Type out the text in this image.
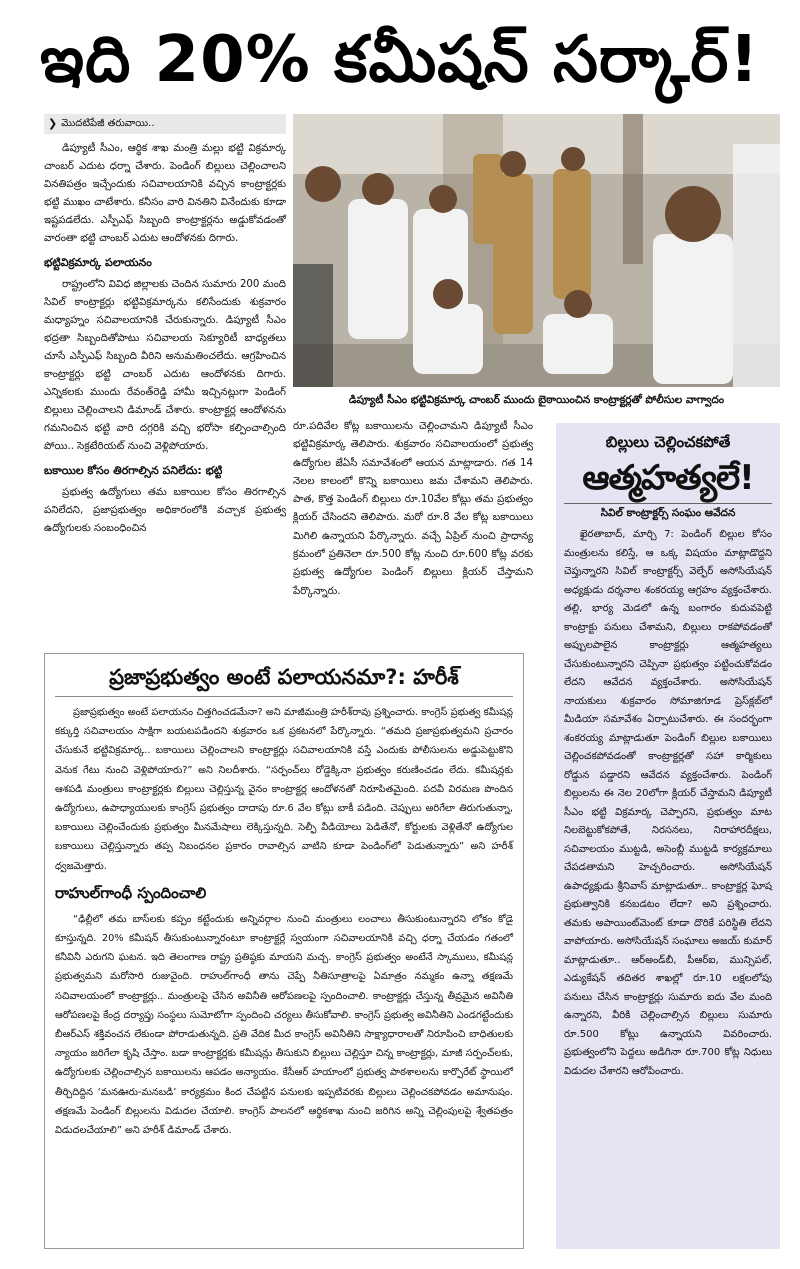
ఇది 20% కమీషన్ సర్కార్!
❯ మొదటిపేజీ తరువాయి..

డిప్యూటీ సీఎం, ఆర్థిక శాఖ మంత్రి మల్లు భట్టి విక్రమార్క చాంబర్ ఎదుట ధర్నా చేశారు. పెండింగ్ బిల్లులు చెల్లించాలని వినతిపత్రం ఇచ్చేందుకు సచివాలయానికి వచ్చిన కాంట్రాక్టర్లకు భట్టి ముఖం చాటేశారు. కనీసం వారి వినతిని వినేందుకు కూడా ఇష్టపడలేదు. ఎస్పీఎఫ్ సిబ్బంది కాంట్రాక్టర్లను అడ్డుకోవడంతో వారంతా భట్టి చాంబర్ ఎదుట ఆందోళనకు దిగారు.

భట్టివిక్రమార్క పలాయనం

రాష్ట్రంలోని వివిధ జిల్లాలకు చెందిన సుమారు 200 మంది సివిల్ కాంట్రాక్టర్లు భట్టివిక్రమార్కను కలిసేందుకు శుక్రవారం మధ్యాహ్నం సచివాలయానికి చేరుకున్నారు. డిప్యూటీ సీఎం భద్రతా సిబ్బందితోపాటు సచివాలయ సెక్యూరిటీ బాధ్యతలు చూసే ఎస్పీఎఫ్ సిబ్బంది వీరిని అనుమతించలేదు. ఆగ్రహించిన కాంట్రాక్టర్లు భట్టి చాంబర్ ఎదుట ఆందోళనకు దిగారు. ఎన్నికలకు ముందు రేవంత్‌రెడ్డి హామీ ఇచ్చినట్లుగా పెండింగ్ బిల్లులు చెల్లించాలని డిమాండ్ చేశారు. కాంట్రాక్టర్ల ఆందోళనను గమనించిన భట్టి వారి దగ్గరికి వచ్చి భరోసా కల్పించాల్సింది పోయి.. సెక్రటేరియట్ నుంచి వెళ్లిపోయారు.

బకాయిల కోసం తిరగాల్సిన పనిలేదు: భట్టి

ప్రభుత్వ ఉద్యోగులు తమ బకాయిల కోసం తిరగాల్సిన పనిలేదని, ప్రజాప్రభుత్వం అధికారంలోకి వచ్చాక ప్రభుత్వ ఉద్యోగులకు సంబంధించిన

డిప్యూటీ సీఎం భట్టివిక్రమార్క చాంబర్ ముందు బైఠాయించిన కాంట్రాక్టర్లతో పోలీసుల వాగ్వాదం
రూ.పదివేల కోట్ల బకాయిలను చెల్లించామని డిప్యూటీ సీఎం భట్టివిక్రమార్క తెలిపారు. శుక్రవారం సచివాలయంలో ప్రభుత్వ ఉద్యోగుల జేఏసీ సమావేశంలో ఆయన మాట్లాడారు. గత 14 నెలల కాలంలో కొన్ని బకాయిలు జమ చేశామని తెలిపారు. పాత, కొత్త పెండింగ్ బిల్లులు రూ.10వేల కోట్లు తమ ప్రభుత్వం క్లియర్ చేసిందని తెలిపారు. మరో రూ.8 వేల కోట్ల బకాయిలు మిగిలి ఉన్నాయని పేర్కొన్నారు. వచ్చే ఏప్రిల్ నుంచి ప్రాధాన్య క్రమంలో ప్రతినెలా రూ.500 కోట్ల నుంచి రూ.600 కోట్ల వరకు ప్రభుత్వ ఉద్యోగుల పెండింగ్ బిల్లులు క్లియర్ చేస్తామని పేర్కొన్నారు.
బిల్లులు చెల్లించకపోతే
ఆత్మహత్యలే!
సివిల్ కాంట్రాక్టర్స్ సంఘం ఆవేదన

ఖైరతాబాద్, మార్చి 7: పెండింగ్ బిల్లుల కోసం మంత్రులను కలిస్తే, ఆ ఒక్క విషయం మాట్లాడొద్దని చెప్తున్నారని సివిల్ కాంట్రాక్టర్స్ వెల్ఫేర్ అసోసియేషన్ అధ్యక్షుడు దర్శనాల శంకరయ్య ఆగ్రహం వ్యక్తంచేశారు. తల్లి, భార్య మెడలో ఉన్న బంగారం కుదువపెట్టి కాంట్రాక్టు పనులు చేశామని, బిల్లులు రాకపోవడంతో అప్పులపాలైన కాంట్రాక్టర్లు ఆత్మహత్యలు చేసుకుంటున్నారని చెప్పినా ప్రభుత్వం పట్టించుకోవడం లేదని ఆవేదన వ్యక్తంచేశారు. అసోసియేషన్ నాయకులు శుక్రవారం సోమాజిగూడ ప్రెస్‌క్లబ్‌లో మీడియా సమావేశం ఏర్పాటుచేశారు. ఈ సందర్భంగా శంకరయ్య మాట్లాడుతూ పెండింగ్ బిల్లుల బకాయిలు చెల్లించకపోవడంతో కాంట్రాక్టర్లతో సహా కార్మికులు రోడ్డున పడ్డారని ఆవేదన వ్యక్తంచేశారు. పెండింగ్ బిల్లులను ఈ నెల 20లోగా క్లియర్ చేస్తామని డిప్యూటీ సీఎం భట్టి విక్రమార్క చెప్పారని, ప్రభుత్వం మాట నిలబెట్టుకోకపోతే, నిరసనలు, నిరాహారదీక్షలు, సచివాలయం ముట్టడి, అసెంబ్లీ ముట్టడి కార్యక్రమాలు చేపడతామని హెచ్చరించారు. అసోసియేషన్ ఉపాధ్యక్షుడు శ్రీనివాస్ మాట్లాడుతూ.. కాంట్రాక్టర్ల ఘోష ప్రభుత్వానికి కనబడటం లేదా? అని ప్రశ్నించారు. తమకు అపాయింట్‌మెంట్ కూడా దొరికే పరిస్థితి లేదని వాపోయారు. అసోసియేషన్ సంఘాలు అజయ్ కుమార్ మాట్లాడుతూ.. ఆర్‌అండ్‌బీ, పీఆర్‌ఐ, మున్సిపల్, ఎడ్యుకేషన్ తదితర శాఖల్లో రూ.10 లక్షలలోపు పనులు చేసిన కాంట్రాక్టర్లు సుమారు ఐదు వేల మంది ఉన్నారని, వీరికి చెల్లించాల్సిన బిల్లులు సుమారు రూ.500 కోట్లు ఉన్నాయని వివరించారు. ప్రభుత్వంలోని పెద్దలు అడిగినా రూ.700 కోట్ల నిధులు విడుదల చేశారని ఆరోపించారు.

ప్రజాప్రభుత్వం అంటే పలాయనమా?: హరీశ్

ప్రజాప్రభుత్వం అంటే పలాయనం చిత్తగించడమేనా? అని మాజీమంత్రి హరీశ్‌రావు ప్రశ్నించారు. కాంగ్రెస్ ప్రభుత్వ కమీషన్ల కక్కుర్తి సచివాలయం సాక్షిగా బయటపడిందని శుక్రవారం ఒక ప్రకటనలో పేర్కొన్నారు. “తమది ప్రజాప్రభుత్వమని ప్రచారం చేసుకునే భట్టివిక్రమార్క.. బకాయిలు చెల్లించాలని కాంట్రాక్టర్లు సచివాలయానికి వస్తే ఎందుకు పోలీసులను అడ్డుపెట్టుకొని వెనుక గేటు నుంచి వెళ్లిపోయారు?” అని నిలదీశారు. “సర్పంచ్‌లు రోడ్డెక్కినా ప్రభుత్వం కరుణించడం లేదు. కమీషన్లకు ఆశపడి మంత్రులు కాంట్రాక్టర్లకు బిల్లులు చెల్లిస్తున్న వైనం కాంట్రాక్టర్ల ఆందోళనతో నిరూపితమైంది. పదవీ విరమణ పొందిన ఉద్యోగులు, ఉపాధ్యాయులకు కాంగ్రెస్ ప్రభుత్వం దాదాపు రూ.6 వేల కోట్లు బాకీ పడింది. చెప్పులు అరిగేలా తిరుగుతున్నా, బకాయిలు చెల్లించేందుకు ప్రభుత్వం మీనమేషాలు లెక్కిస్తున్నది. సెల్ఫీ వీడియోలు పెడితేనో, కోర్టులకు వెళ్లితేనో ఉద్యోగుల బకాయిలు చెల్లిస్తున్నారు తప్ప నిబంధనల ప్రకారం రావాల్సిన వాటిని కూడా పెండింగ్‌లో పెడుతున్నారు” అని హరీశ్ ధ్వజమెత్తారు.

రాహుల్‌గాంధీ స్పందించాలి

“ఢిల్లీలో తమ బాస్‌లకు కప్పం కట్టేందుకు అన్నివర్గాల నుంచి మంత్రులు లంచాలు తీసుకుంటున్నారని లోకం కోడై కూస్తున్నది. 20% కమీషన్ తీసుకుంటున్నారంటూ కాంట్రాక్టర్లే స్వయంగా సచివాలయానికి వచ్చి ధర్నా చేయడం గతంలో కనీవినీ ఎరుగని ఘటన. ఇది తెలంగాణ రాష్ట్ర ప్రతిష్ఠకు మాయని మచ్చ. కాంగ్రెస్ ప్రభుత్వం అంటేనే స్కాములు, కమీషన్ల ప్రభుత్వమని మరోసారి రుజువైంది. రాహుల్‌గాంధీ తాను చెప్పే నీతిసూత్రాలపై ఏమాత్రం నమ్మకం ఉన్నా తక్షణమే సచివాలయంలో కాంట్రాక్టర్లు.. మంత్రులపై చేసిన అవినీతి ఆరోపణలపై స్పందించాలి. కాంట్రాక్టర్లు చేస్తున్న తీవ్రమైన అవినీతి ఆరోపణలపై కేంద్ర దర్యాప్తు సంస్థలు సుమోటోగా స్పందించి చర్యలు తీసుకోవాలి. కాంగ్రెస్ ప్రభుత్వ అవినీతిని ఎండగట్టేందుకు బీఆర్ఎస్ శక్తివంచన లేకుండా పోరాడుతున్నది. ప్రతి వేదిక మీద కాంగ్రెస్ అవినీతిని సాక్ష్యాధారాలతో నిరూపించి బాధితులకు న్యాయం జరిగేలా కృషి చేస్తాం. బడా కాంట్రాక్టర్లకు కమీషన్లు తీసుకుని బిల్లులు చెల్లిస్తూ చిన్న కాంట్రాక్టర్లు, మాజీ సర్పంచ్‌లకు, ఉద్యోగులకు చెల్లించాల్సిన బకాయిలను ఆపడం అన్యాయం. కేసీఆర్ హయాంలో ప్రభుత్వ పాఠశాలలను కార్పొరేట్ స్థాయిలో తీర్చిదిద్దిన ‘మనఊరు-మనబడి’ కార్యక్రమం కింద చేపట్టిన పనులకు ఇప్పటివరకు బిల్లులు చెల్లించకపోవడం అమానుషం. తక్షణమే పెండింగ్ బిల్లులను విడుదల చేయాలి. కాంగ్రెస్ పాలనలో ఆర్థికశాఖ నుంచి జరిగిన అన్ని చెల్లింపులపై శ్వేతపత్రం విడుదలచేయాలి” అని హరీశ్ డిమాండ్ చేశారు.
